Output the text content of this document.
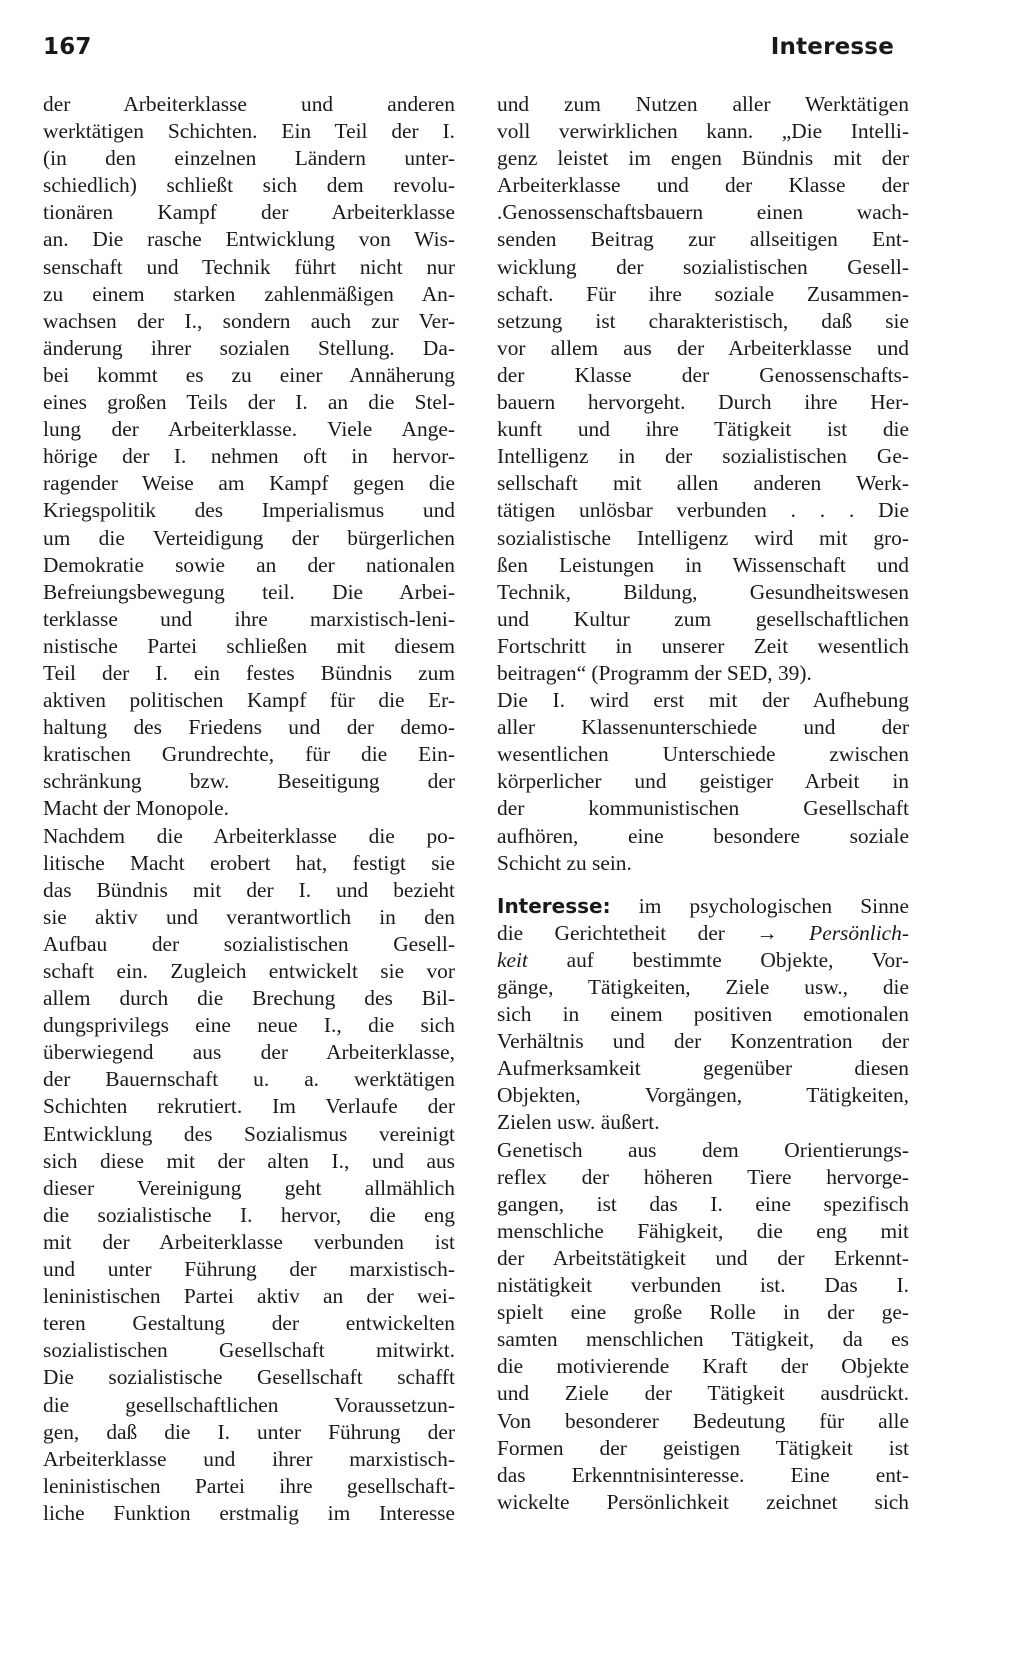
167	Interesse
der Arbeiterklasse und anderen
werktätigen Schichten. Ein Teil der I.
(in den einzelnen Ländern unter-
schiedlich) schließt sich dem revolu-
tionären Kampf der Arbeiterklasse
an. Die rasche Entwicklung von Wis-
senschaft und Technik führt nicht nur
zu einem starken zahlenmäßigen An-
wachsen der I., sondern auch zur Ver-
änderung ihrer sozialen Stellung. Da-
bei kommt es zu einer Annäherung
eines großen Teils der I. an die Stel-
lung der Arbeiterklasse. Viele Ange-
hörige der I. nehmen oft in hervor-
ragender Weise am Kampf gegen die
Kriegspolitik des Imperialismus und
um die Verteidigung der bürgerlichen
Demokratie sowie an der nationalen
Befreiungsbewegung teil. Die Arbei-
terklasse und ihre marxistisch-leni-
nistische Partei schließen mit diesem
Teil der I. ein festes Bündnis zum
aktiven politischen Kampf für die Er-
haltung des Friedens und der demo-
kratischen Grundrechte, für die Ein-
schränkung bzw. Beseitigung der
Macht der Monopole.
Nachdem die Arbeiterklasse die po-
litische Macht erobert hat, festigt sie
das Bündnis mit der I. und bezieht
sie aktiv und verantwortlich in den
Aufbau der sozialistischen Gesell-
schaft ein. Zugleich entwickelt sie vor
allem durch die Brechung des Bil-
dungsprivilegs eine neue I., die sich
überwiegend aus der Arbeiterklasse,
der Bauernschaft u. a. werktätigen
Schichten rekrutiert. Im Verlaufe der
Entwicklung des Sozialismus vereinigt
sich diese mit der alten I., und aus
dieser Vereinigung geht allmählich
die sozialistische I. hervor, die eng
mit der Arbeiterklasse verbunden ist
und unter Führung der marxistisch-
leninistischen Partei aktiv an der wei-
teren Gestaltung der entwickelten
sozialistischen Gesellschaft mitwirkt.
Die sozialistische Gesellschaft schafft
die gesellschaftlichen Voraussetzun-
gen, daß die I. unter Führung der
Arbeiterklasse und ihrer marxistisch-
leninistischen Partei ihre gesellschaft-
liche Funktion erstmalig im Interesse
und zum Nutzen aller Werktätigen
voll verwirklichen kann. „Die Intelli-
genz leistet im engen Bündnis mit der
Arbeiterklasse und der Klasse der
.Genossenschaftsbauern einen wach-
senden Beitrag zur allseitigen Ent-
wicklung der sozialistischen Gesell-
schaft. Für ihre soziale Zusammen-
setzung ist charakteristisch, daß sie
vor allem aus der Arbeiterklasse und
der Klasse der Genossenschafts-
bauern hervorgeht. Durch ihre Her-
kunft und ihre Tätigkeit ist die
Intelligenz in der sozialistischen Ge-
sellschaft mit allen anderen Werk-
tätigen unlösbar verbunden . . . Die
sozialistische Intelligenz wird mit gro-
ßen Leistungen in Wissenschaft und
Technik, Bildung, Gesundheitswesen
und Kultur zum gesellschaftlichen
Fortschritt in unserer Zeit wesentlich
beitragen“ (Programm der SED, 39).
Die I. wird erst mit der Aufhebung
aller Klassenunterschiede und der
wesentlichen Unterschiede zwischen
körperlicher und geistiger Arbeit in
der kommunistischen Gesellschaft
aufhören, eine besondere soziale
Schicht zu sein.
Interesse: im psychologischen Sinne
die Gerichtetheit der → Persönlich-
keit auf bestimmte Objekte, Vor-
gänge, Tätigkeiten, Ziele usw., die
sich in einem positiven emotionalen
Verhältnis und der Konzentration der
Aufmerksamkeit gegenüber diesen
Objekten, Vorgängen, Tätigkeiten,
Zielen usw. äußert.
Genetisch aus dem Orientierungs-
reflex der höheren Tiere hervorge-
gangen, ist das I. eine spezifisch
menschliche Fähigkeit, die eng mit
der Arbeitstätigkeit und der Erkennt-
nistätigkeit verbunden ist. Das I.
spielt eine große Rolle in der ge-
samten menschlichen Tätigkeit, da es
die motivierende Kraft der Objekte
und Ziele der Tätigkeit ausdrückt.
Von besonderer Bedeutung für alle
Formen der geistigen Tätigkeit ist
das Erkenntnisinteresse. Eine ent-
wickelte Persönlichkeit zeichnet sich
